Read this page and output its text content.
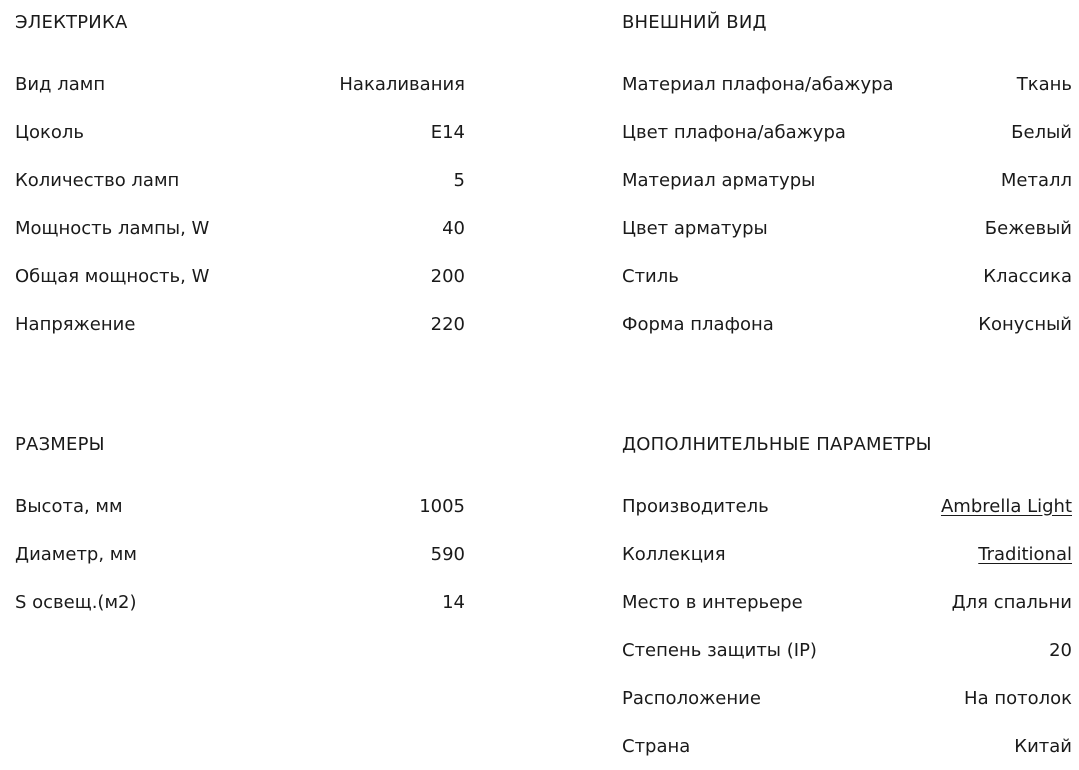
ЭЛЕКТРИКА
Вид ламп	Накаливания
Цоколь	E14
Количество ламп	5
Мощность лампы, W	40
Общая мощность, W	200
Напряжение	220
ВНЕШНИЙ ВИД
Материал плафона/абажура	Ткань
Цвет плафона/абажура	Белый
Материал арматуры	Металл
Цвет арматуры	Бежевый
Стиль	Классика
Форма плафона	Конусный
РАЗМЕРЫ
Высота, мм	1005
Диаметр, мм	590
S освещ.(м2)	14
ДОПОЛНИТЕЛЬНЫЕ ПАРАМЕТРЫ
Производитель	Ambrella Light
Коллекция	Traditional
Место в интерьере	Для спальни
Степень защиты (IP)	20
Расположение	На потолок
Страна	Китай
